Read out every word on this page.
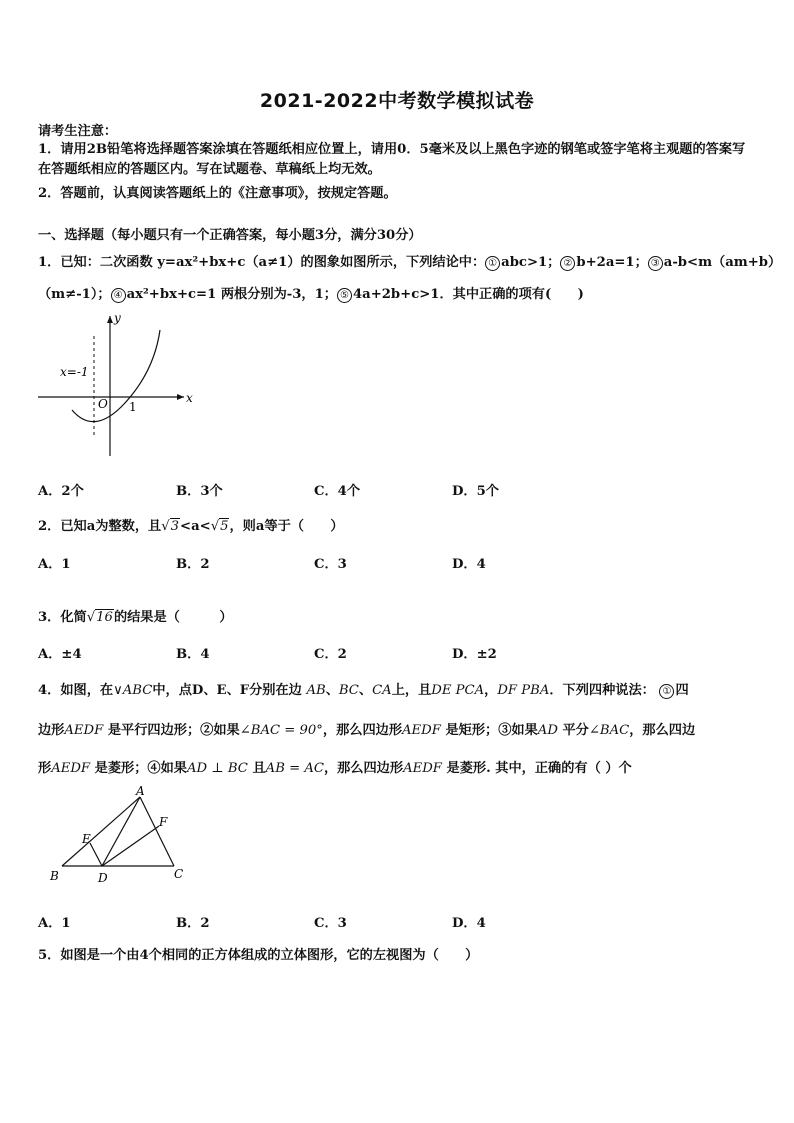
2021-2022中考数学模拟试卷
请考生注意：
1．请用2B铅笔将选择题答案涂填在答题纸相应位置上，请用0．5毫米及以上黑色字迹的钢笔或签字笔将主观题的答案写在答题纸相应的答题区内。写在试题卷、草稿纸上均无效。
2．答题前，认真阅读答题纸上的《注意事项》，按规定答题。
一、选择题（每小题只有一个正确答案，每小题3分，满分30分）
1．已知：二次函数 y=ax²+bx+c（a≠1）的图象如图所示，下列结论中： ① abc>1； ② b+2a=1； ③ a-b<m（am+b）
（m≠-1）； ④ ax²+bx+c=1 两根分别为-3，1； ⑤ 4a+2b+c>1．其中正确的项有(　　)
y
x
O 1
x=-1
A．2个	B．3个	C．4个	D．5个
2．已知a为整数，且√3<a<√5，则a等于（　　）
A．1	B．2	C．3	D．4
3．化简√16的结果是（　　　）
A．±4	B．4	C．2	D．±2
4．如图，在∨ABC中，点D、E、F分别在边 AB、BC、CA上，且DE PCA，DF PBA．下列四种说法： ① 四
边形AEDF 是平行四边形；②如果∠BAC = 90°，那么四边形AEDF 是矩形；③如果AD 平分∠BAC，那么四边
形AEDF 是菱形；④如果AD ⊥ BC 且AB = AC，那么四边形AEDF 是菱形. 其中，正确的有（ ）个
A
B	C
D
E
F
A．1	B．2	C．3	D．4
5．如图是一个由4个相同的正方体组成的立体图形，它的左视图为（　　）
